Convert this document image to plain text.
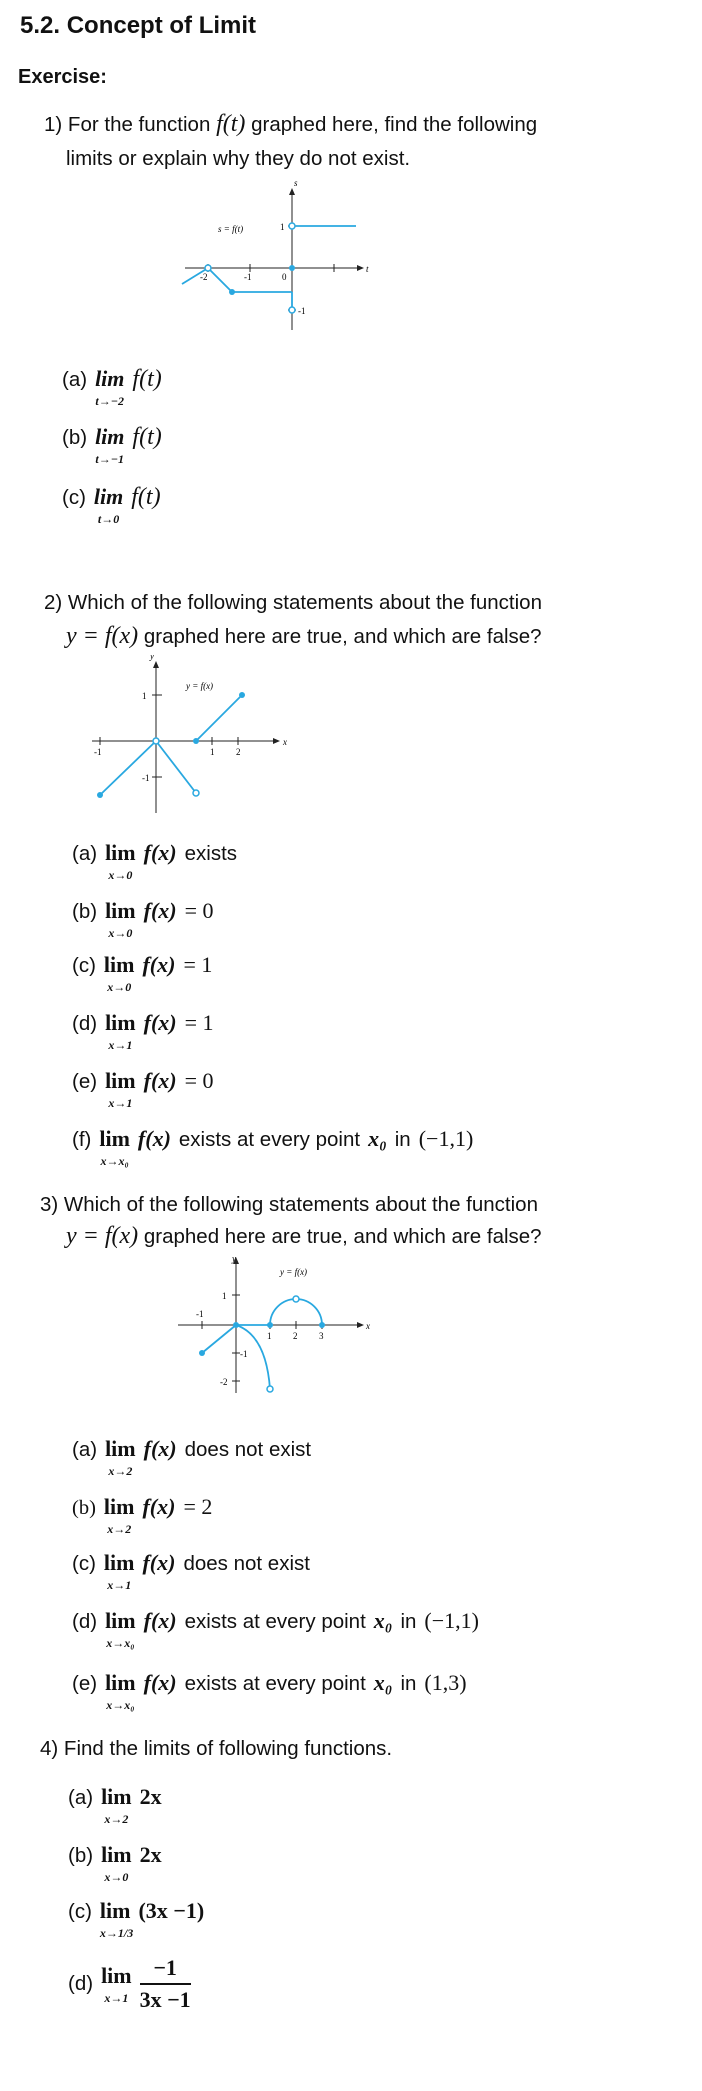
5.2. Concept of Limit
Exercise:
1) For the function f(t) graphed here, find the following
limits or explain why they do not exist.
s
t
s = f(t)	1
-2	-1	0
-1
(a) lim
t→−2
f(t)
(b) lim
t→−1
f(t)
(c) lim
t→0
f(t)
2) Which of the following statements about the function
y = f(x) graphed here are true, and which are false?
y
x
y = f(x)
1
-1
-1
1 2
(a) lim
x→0
f(x) exists
(b) lim
x→0
f(x) = 0
(c) lim
x→0
f(x) = 1
(d) lim
x→1
f(x) = 1
(e) lim
x→1
f(x) = 0
(f) lim
x→x₀
f(x) exists at every point x₀ in (−1,1)
3) Which of the following statements about the function
y = f(x) graphed here are true, and which are false?
y
x
y = f(x)
1
-1
-2
-1
1 2 3
(a) lim
x→2
f(x) does not exist
(b) lim
x→2
f(x) = 2
(c) lim
x→1
f(x) does not exist
(d) lim
x→x₀
f(x) exists at every point x₀ in (−1,1)
(e) lim
x→x₀
f(x) exists at every point x₀ in (1,3)
4) Find the limits of following functions.
(a) lim
x→2
2x
(b) lim
x→0
2x
(c) lim
x→1/3
(3x −1)
(d) lim
$x\to 1 \frac{-1}{3x -1}$
